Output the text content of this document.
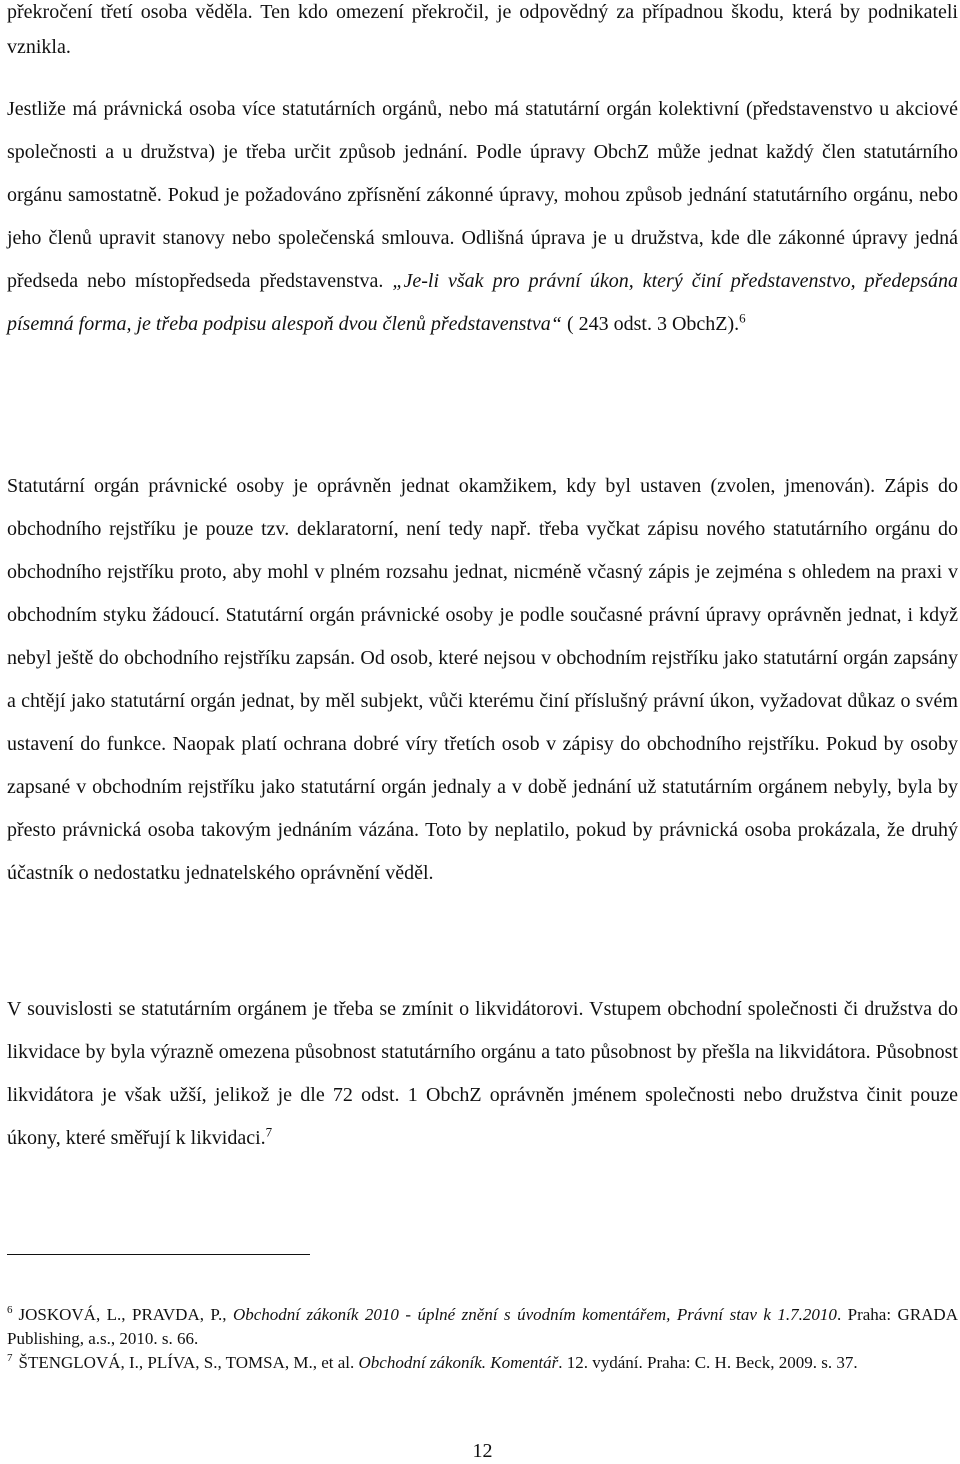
překročení třetí osoba věděla. Ten kdo omezení překročil, je odpovědný za případnou škodu, která by podnikateli vznikla.

Jestliže má právnická osoba více statutárních orgánů, nebo má statutární orgán kolektivní (představenstvo u akciové společnosti a u družstva) je třeba určit způsob jednání. Podle úpravy ObchZ může jednat každý člen statutárního orgánu samostatně. Pokud je požadováno zpřísnění zákonné úpravy, mohou způsob jednání statutárního orgánu, nebo jeho členů upravit stanovy nebo společenská smlouva. Odlišná úprava je u družstva, kde dle zákonné úpravy jedná předseda nebo místopředseda představenstva. „Je-li však pro právní úkon, který činí představenstvo, předepsána písemná forma, je třeba podpisu alespoň dvou členů představenstva“ ( 243 odst. 3 ObchZ).$^6$

Statutární orgán právnické osoby je oprávněn jednat okamžikem, kdy byl ustaven (zvolen, jmenován). Zápis do obchodního rejstříku je pouze tzv. deklaratorní, není tedy např. třeba vyčkat zápisu nového statutárního orgánu do obchodního rejstříku proto, aby mohl v plném rozsahu jednat, nicméně včasný zápis je zejména s ohledem na praxi v obchodním styku žádoucí. Statutární orgán právnické osoby je podle současné právní úpravy oprávněn jednat, i když nebyl ještě do obchodního rejstříku zapsán. Od osob, které nejsou v obchodním rejstříku jako statutární orgán zapsány a chtějí jako statutární orgán jednat, by měl subjekt, vůči kterému činí příslušný právní úkon, vyžadovat důkaz o svém ustavení do funkce. Naopak platí ochrana dobré víry třetích osob v zápisy do obchodního rejstříku. Pokud by osoby zapsané v obchodním rejstříku jako statutární orgán jednaly a v době jednání už statutárním orgánem nebyly, byla by přesto právnická osoba takovým jednáním vázána. Toto by neplatilo, pokud by právnická osoba prokázala, že druhý účastník o nedostatku jednatelského oprávnění věděl.

V souvislosti se statutárním orgánem je třeba se zmínit o likvidátorovi. Vstupem obchodní společnosti či družstva do likvidace by byla výrazně omezena působnost statutárního orgánu a tato působnost by přešla na likvidátora. Působnost likvidátora je však užší, jelikož je dle 72 odst. 1 ObchZ oprávněn jménem společnosti nebo družstva činit pouze úkony, které směřují k likvidaci.$^7$

$^6$ JOSKOVÁ, L., PRAVDA, P., Obchodní zákoník 2010 - úplné znění s úvodním komentářem, Právní stav k 1.7.2010. Praha: GRADA Publishing, a.s., 2010. s. 66.

$^7$ ŠTENGLOVÁ, I., PLÍVA, S., TOMSA, M., et al. Obchodní zákoník. Komentář. 12. vydání. Praha: C. H. Beck, 2009. s. 37.

12
